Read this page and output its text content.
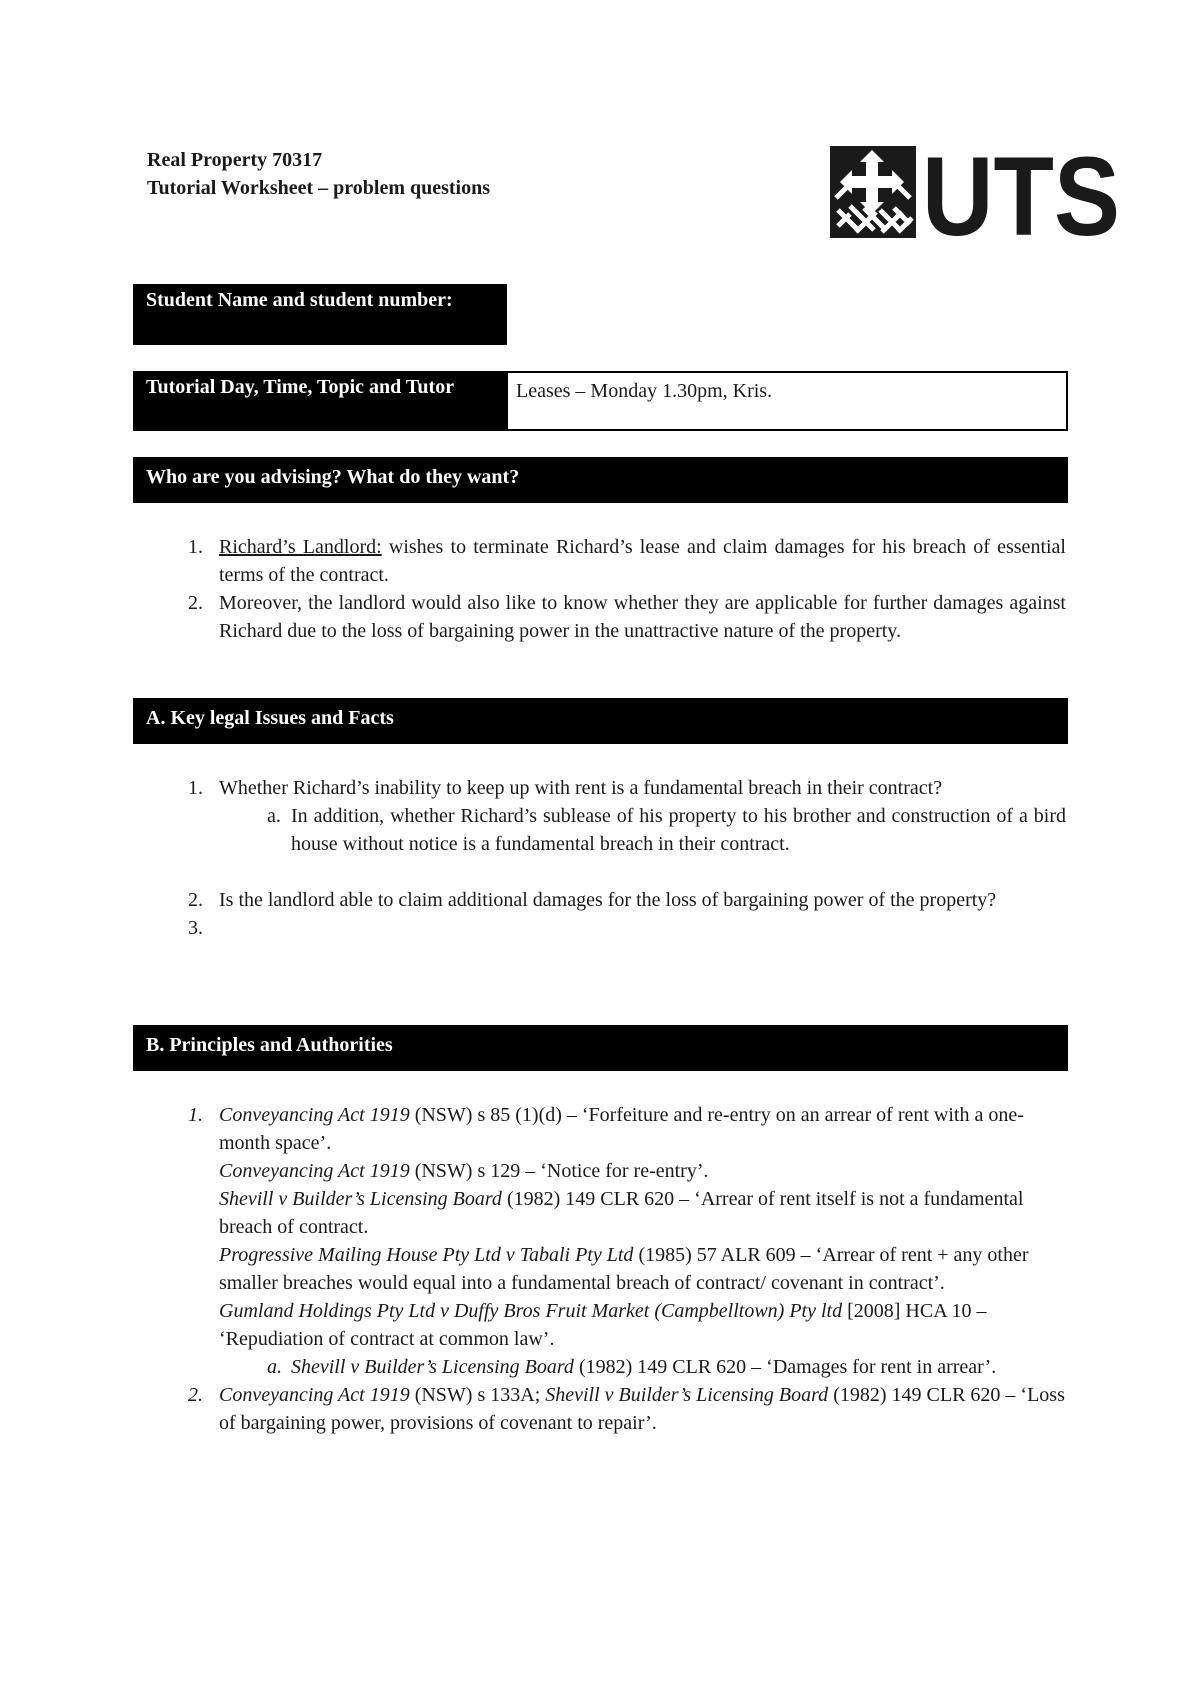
Real Property 70317
Tutorial Worksheet – problem questions	UTS
Student Name and student number:
Tutorial Day, Time, Topic and Tutor	Leases – Monday 1.30pm, Kris.
Who are you advising? What do they want?
1. Richard’s Landlord: wishes to terminate Richard’s lease and claim damages for his breach of essential terms of the contract.
2. Moreover, the landlord would also like to know whether they are applicable for further damages against Richard due to the loss of bargaining power in the unattractive nature of the property.
A. Key legal Issues and Facts
1. Whether Richard’s inability to keep up with rent is a fundamental breach in their contract?
a. In addition, whether Richard’s sublease of his property to his brother and construction of a bird house without notice is a fundamental breach in their contract.
2. Is the landlord able to claim additional damages for the loss of bargaining power of the property?
3.
B. Principles and Authorities
1. Conveyancing Act 1919 (NSW) s 85 (1)(d) – ‘Forfeiture and re-entry on an arrear of rent with a one-month space’.
Conveyancing Act 1919 (NSW) s 129 – ‘Notice for re-entry’.
Shevill v Builder’s Licensing Board (1982) 149 CLR 620 – ‘Arrear of rent itself is not a fundamental breach of contract.
Progressive Mailing House Pty Ltd v Tabali Pty Ltd (1985) 57 ALR 609 – ‘Arrear of rent + any other smaller breaches would equal into a fundamental breach of contract/ covenant in contract’.
Gumland Holdings Pty Ltd v Duffy Bros Fruit Market (Campbelltown) Pty ltd [2008] HCA 10 – ‘Repudiation of contract at common law’.
a. Shevill v Builder’s Licensing Board (1982) 149 CLR 620 – ‘Damages for rent in arrear’.
2. Conveyancing Act 1919 (NSW) s 133A; Shevill v Builder’s Licensing Board (1982) 149 CLR 620 – ‘Loss of bargaining power, provisions of covenant to repair’.
